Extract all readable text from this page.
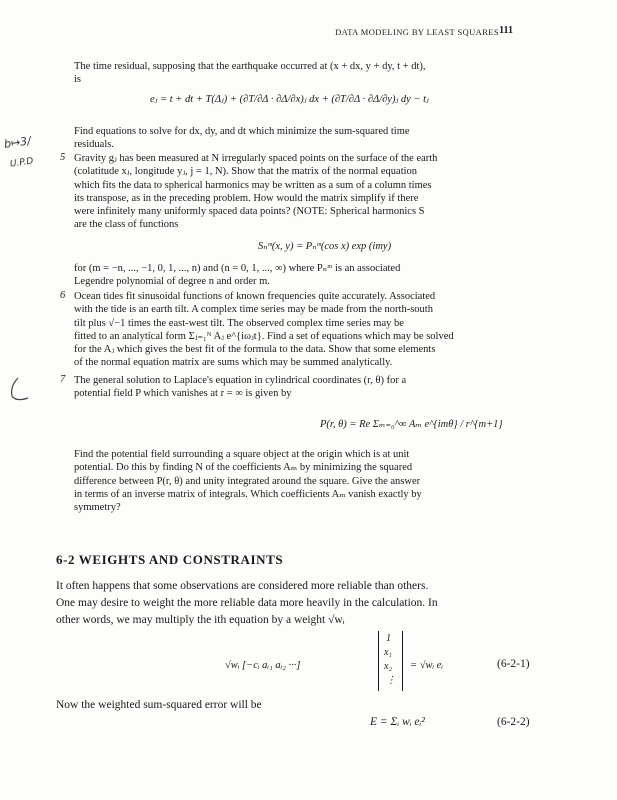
DATA MODELING BY LEAST SQUARES 111
b↦3/
U.P.D
The time residual, supposing that the earthquake occurred at (x + dx, y + dy, t + dt),
is
eⱼ = t + dt + T(Δⱼ) + (∂T/∂Δ · ∂Δ/∂x)ⱼ dx + (∂T/∂Δ · ∂Δ/∂y)ⱼ dy − tⱼ
Find equations to solve for dx, dy, and dt which minimize the sum-squared time
residuals.
5 Gravity gⱼ has been measured at N irregularly spaced points on the surface of the earth
(colatitude xⱼ, longitude yⱼ, j = 1, N). Show that the matrix of the normal equation
which fits the data to spherical harmonics may be written as a sum of a column times
its transpose, as in the preceding problem. How would the matrix simplify if there
were infinitely many uniformly spaced data points? (NOTE: Spherical harmonics S
are the class of functions
Sₙᵐ(x, y) = Pₙᵐ(cos x) exp (imy)
for (m = −n, ..., −1, 0, 1, ..., n) and (n = 0, 1, ..., ∞) where Pₙᵐ is an associated
Legendre polynomial of degree n and order m.
6 Ocean tides fit sinusoidal functions of known frequencies quite accurately. Associated
with the tide is an earth tilt. A complex time series may be made from the north-south
tilt plus √−1 times the east-west tilt. The observed complex time series may be
fitted to an analytical form Σⱼ₌₁ᴺ Aⱼ e^{iωⱼt}. Find a set of equations which may be solved
for the Aⱼ which gives the best fit of the formula to the data. Show that some elements
of the normal equation matrix are sums which may be summed analytically.
7 The general solution to Laplace's equation in cylindrical coordinates (r, θ) for a
potential field P which vanishes at r = ∞ is given by
P(r, θ) = Re Σₘ₌₀^∞ Aₘ e^{imθ} / r^{m+1}
Find the potential field surrounding a square object at the origin which is at unit
potential. Do this by finding N of the coefficients Aₘ by minimizing the squared
difference between P(r, θ) and unity integrated around the square. Give the answer
in terms of an inverse matrix of integrals. Which coefficients Aₘ vanish exactly by
symmetry?
6-2 WEIGHTS AND CONSTRAINTS
It often happens that some observations are considered more reliable than others.
One may desire to weight the more reliable data more heavily in the calculation. In
other words, we may multiply the ith equation by a weight √wᵢ
√wᵢ [−cᵢ aᵢ₁ aᵢ₂ ···]
1
x₁
x₂
⋮
= √wᵢ eᵢ	(6-2-1)
Now the weighted sum-squared error will be
E = Σᵢ wᵢ eᵢ²	(6-2-2)
